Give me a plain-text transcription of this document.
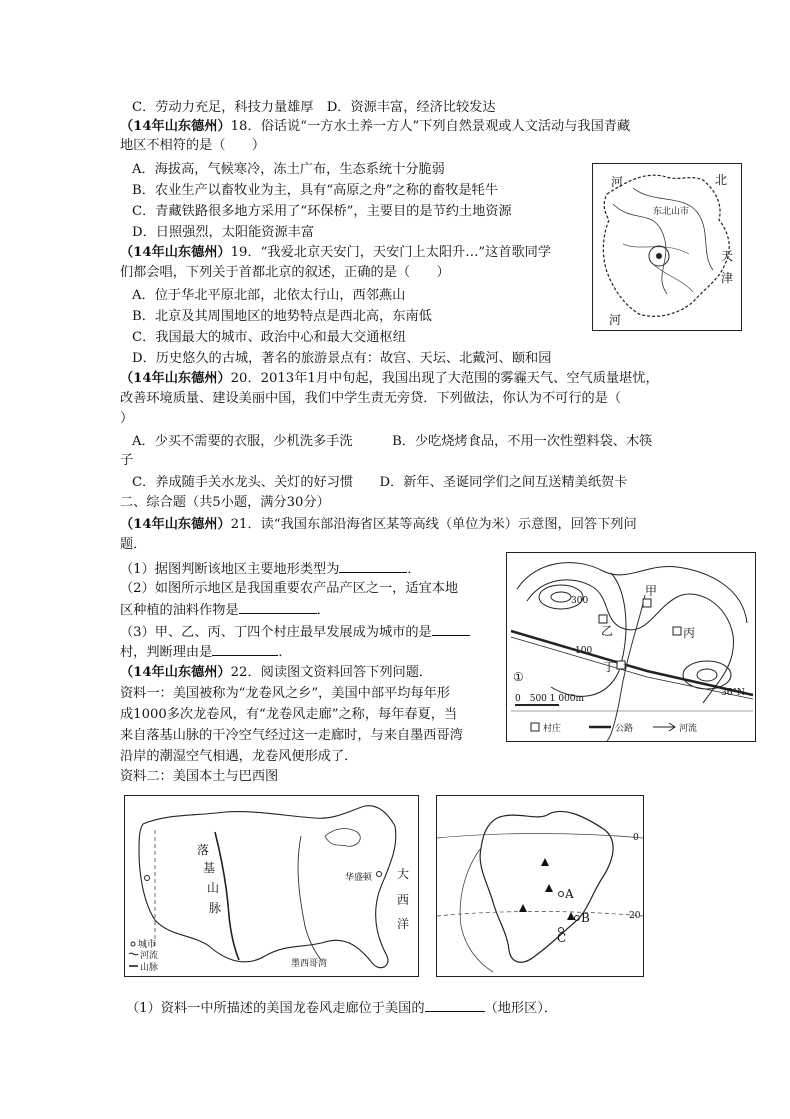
C．劳动力充足，科技力量雄厚　D．资源丰富，经济比较发达
（14年山东德州）18．俗话说“一方水土养一方人”下列自然景观或人文活动与我国青藏
地区不相符的是（　　）
A．海拔高，气候寒冷，冻土广布，生态系统十分脆弱
B．农业生产以畜牧业为主，具有“高原之舟”之称的畜牧是牦牛
C．青藏铁路很多地方采用了“环保桥”，主要目的是节约土地资源
D．日照强烈，太阳能资源丰富
（14年山东德州）19．“我爱北京天安门，天安门上太阳升…”这首歌同学
们都会唱，下列关于首都北京的叙述，正确的是（　　）
A．位于华北平原北部，北依太行山，西邻燕山
B．北京及其周围地区的地势特点是西北高，东南低
C．我国最大的城市、政治中心和最大交通枢纽
D．历史悠久的古城，著名的旅游景点有：故宫、天坛、北戴河、颐和园
（14年山东德州）20．2013年1月中旬起，我国出现了大范围的雾霾天气、空气质量堪忧，
改善环境质量、建设美丽中国，我们中学生责无旁贷．下列做法，你认为不可行的是（
）
A．少买不需要的衣服，少机洗多手洗　　　B．少吃烧烤食品，不用一次性塑料袋、木筷
子
C．养成随手关水龙头、关灯的好习惯　　D．新年、圣诞同学们之间互送精美纸贺卡
二、综合题（共5小题，满分30分）
（14年山东德州）21．读“我国东部沿海省区某等高线（单位为米）示意图，回答下列问
题．
（1）据图判断该地区主要地形类型为	．
（2）如图所示地区是我国重要农产品产区之一，适宜本地
区种植的油料作物是	．
（3）甲、乙、丙、丁四个村庄最早发展成为城市的是
村，判断理由是	．
（14年山东德州）22．阅读图文资料回答下列问题．
资料一：美国被称为“龙卷风之乡”，美国中部平均每年形
成1000多次龙卷风，有“龙卷风走廊”之称，每年春夏，当
来自落基山脉的干冷空气经过这一走廊时，与来自墨西哥湾
沿岸的潮湿空气相遇，龙卷风便形成了．
资料二：美国本土与巴西图
（1）资料一中所描述的美国龙卷风走廊位于美国的	（地形区）．
河	北
天
津
河
东北山市
300
100
甲
乙	丙
丁
①
36°N
0　500 1 000m
村庄	公路	河流
落
基
山
脉
华盛顿 大
西
洋
墨西哥湾
城市
河流
山脉
A
B
C
0
20
